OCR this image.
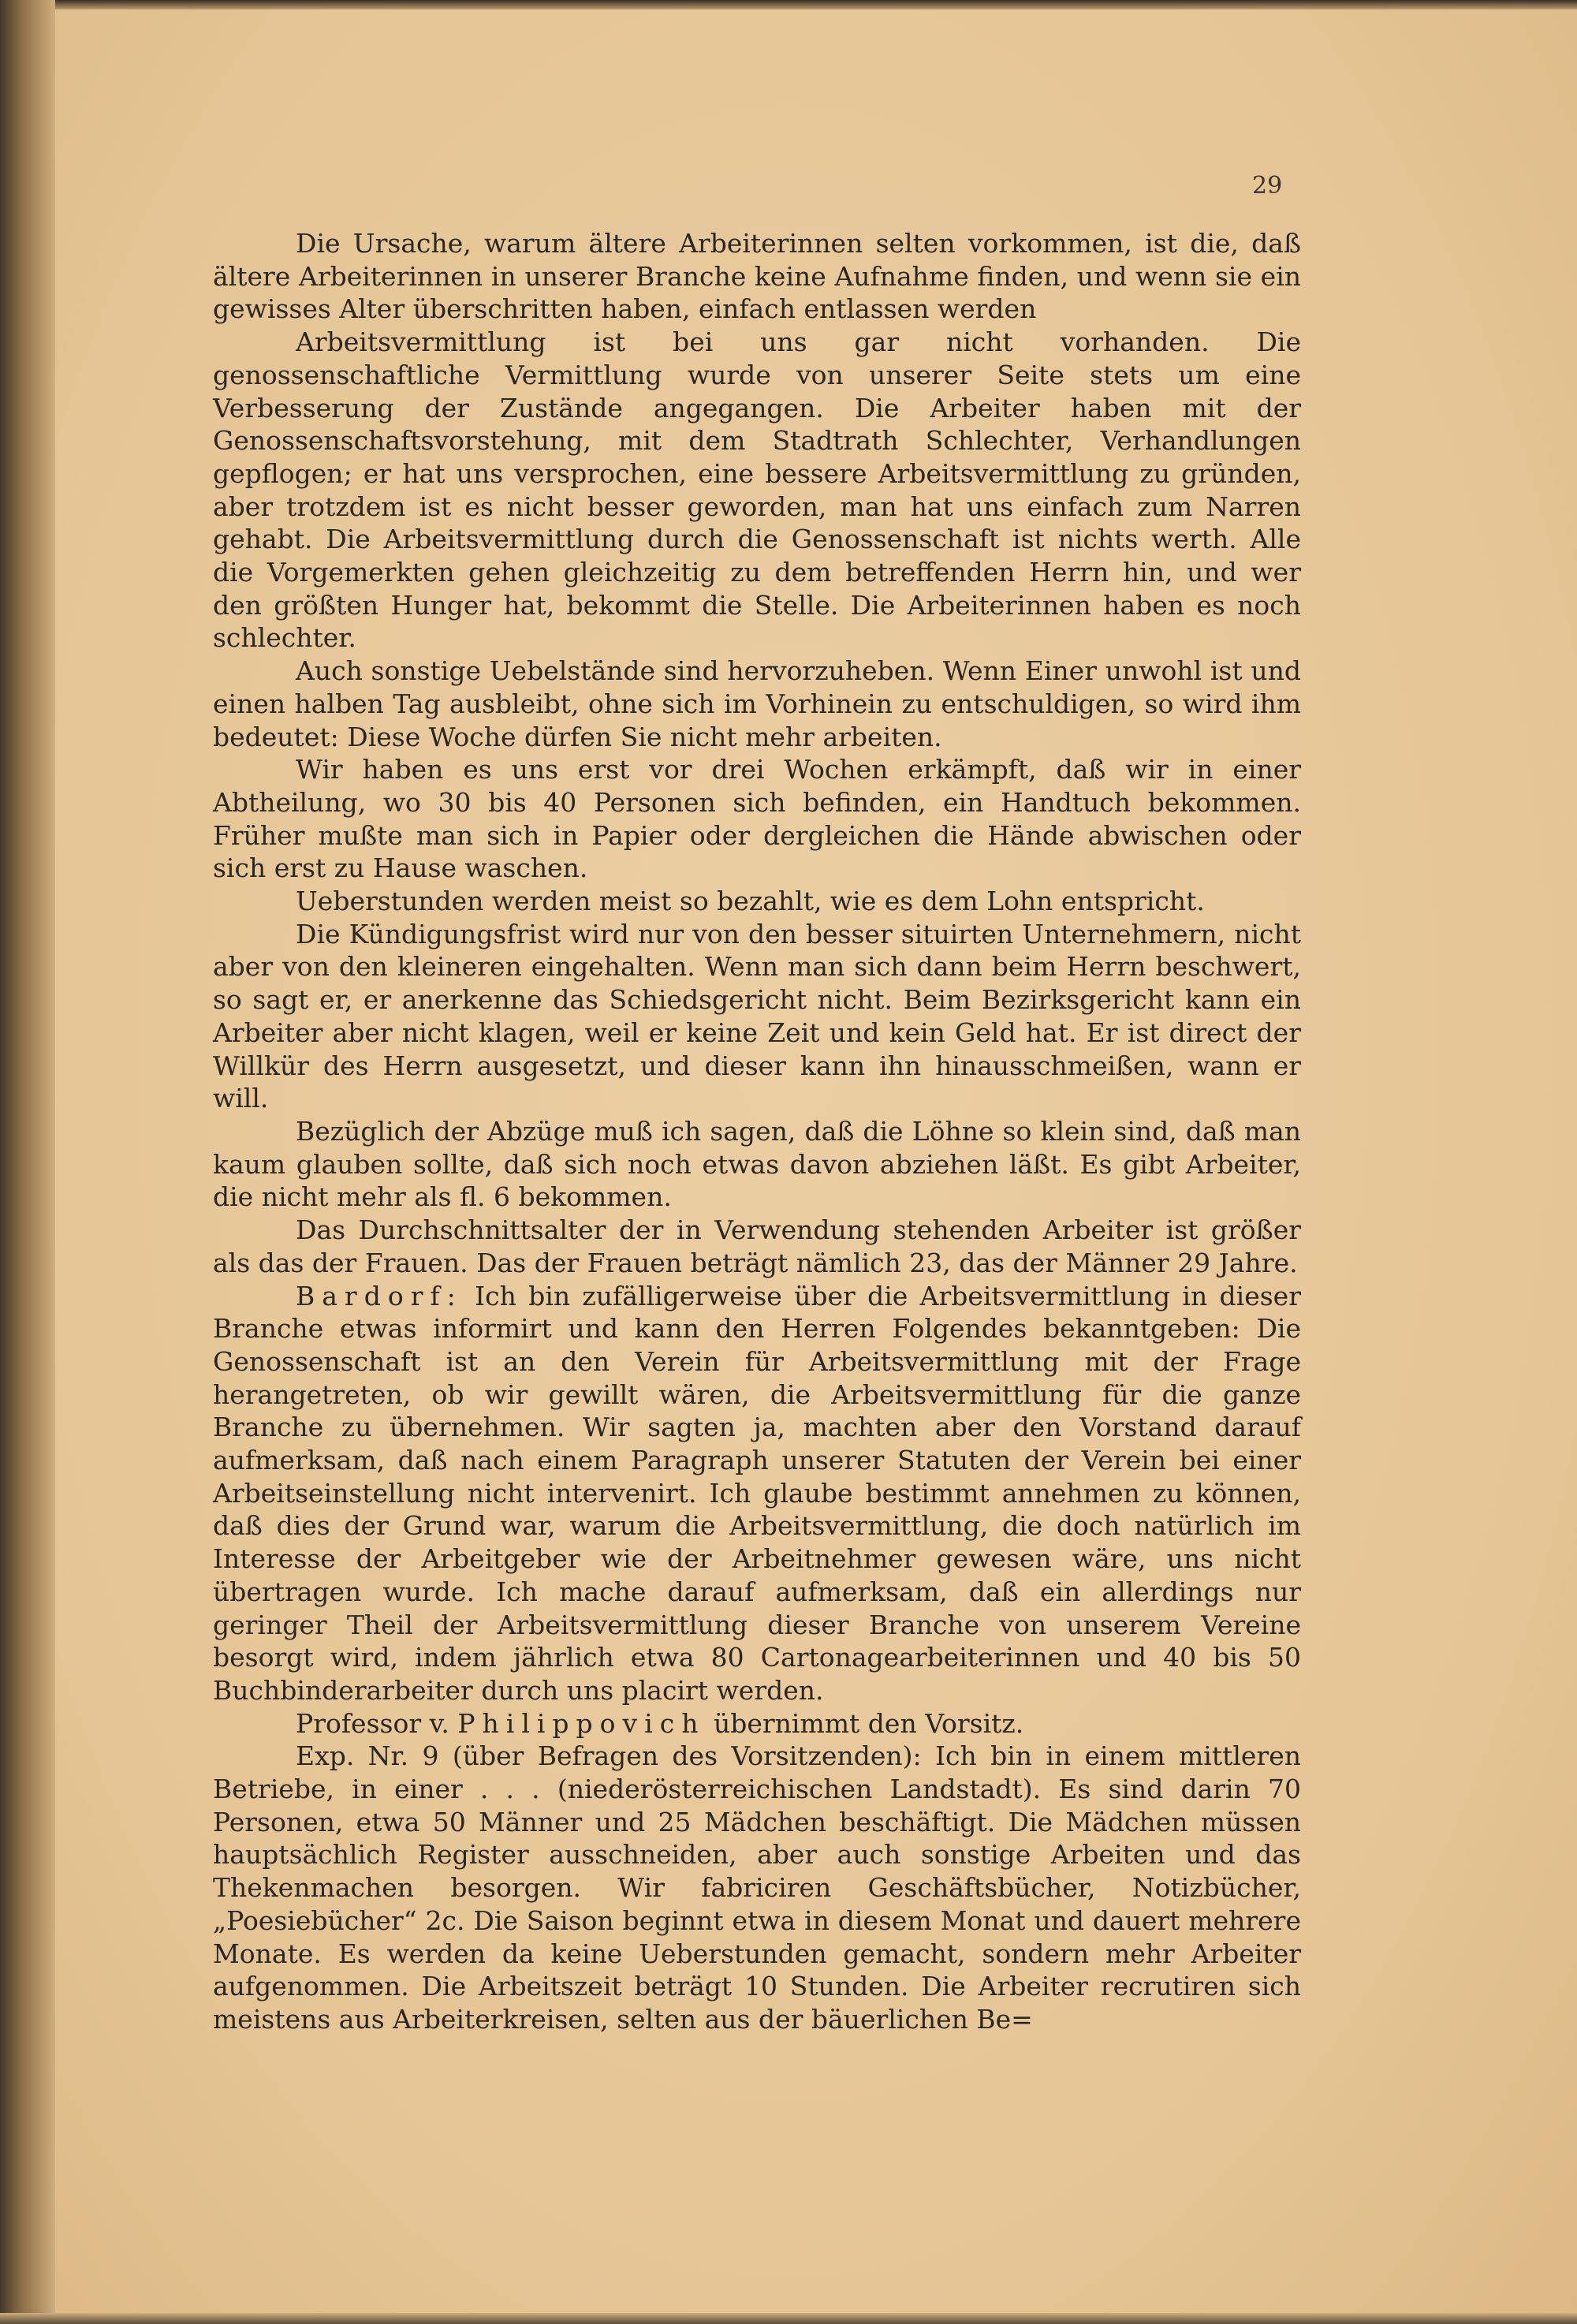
29

Die Ursache, warum ältere Arbeiterinnen selten vorkommen, ist die, daß ältere Arbeiterinnen in unserer Branche keine Aufnahme finden, und wenn sie ein gewisses Alter überschritten haben, einfach entlassen werden

Arbeitsvermittlung ist bei uns gar nicht vorhanden. Die genossenschaftliche Vermittlung wurde von unserer Seite stets um eine Verbesserung der Zustände angegangen. Die Arbeiter haben mit der Genossenschaftsvorstehung, mit dem Stadtrath Schlechter, Verhandlungen gepflogen; er hat uns versprochen, eine bessere Arbeitsvermittlung zu gründen, aber trotzdem ist es nicht besser geworden, man hat uns einfach zum Narren gehabt. Die Arbeitsvermittlung durch die Genossenschaft ist nichts werth. Alle die Vorgemerkten gehen gleichzeitig zu dem betreffenden Herrn hin, und wer den größten Hunger hat, bekommt die Stelle. Die Arbeiterinnen haben es noch schlechter.

Auch sonstige Uebelstände sind hervorzuheben. Wenn Einer unwohl ist und einen halben Tag ausbleibt, ohne sich im Vorhinein zu entschuldigen, so wird ihm bedeutet: Diese Woche dürfen Sie nicht mehr arbeiten.

Wir haben es uns erst vor drei Wochen erkämpft, daß wir in einer Abtheilung, wo 30 bis 40 Personen sich befinden, ein Handtuch bekommen. Früher mußte man sich in Papier oder dergleichen die Hände abwischen oder sich erst zu Hause waschen.

Ueberstunden werden meist so bezahlt, wie es dem Lohn entspricht.

Die Kündigungsfrist wird nur von den besser situirten Unternehmern, nicht aber von den kleineren eingehalten. Wenn man sich dann beim Herrn beschwert, so sagt er, er anerkenne das Schiedsgericht nicht. Beim Bezirksgericht kann ein Arbeiter aber nicht klagen, weil er keine Zeit und kein Geld hat. Er ist direct der Willkür des Herrn ausgesetzt, und dieser kann ihn hinausschmeißen, wann er will.

Bezüglich der Abzüge muß ich sagen, daß die Löhne so klein sind, daß man kaum glauben sollte, daß sich noch etwas davon abziehen läßt. Es gibt Arbeiter, die nicht mehr als fl. 6 bekommen.

Das Durchschnittsalter der in Verwendung stehenden Arbeiter ist größer als das der Frauen. Das der Frauen beträgt nämlich 23, das der Männer 29 Jahre.

Bardorf: Ich bin zufälligerweise über die Arbeitsvermittlung in dieser Branche etwas informirt und kann den Herren Folgendes bekanntgeben: Die Genossenschaft ist an den Verein für Arbeitsvermittlung mit der Frage herangetreten, ob wir gewillt wären, die Arbeitsvermittlung für die ganze Branche zu übernehmen. Wir sagten ja, machten aber den Vorstand darauf aufmerksam, daß nach einem Paragraph unserer Statuten der Verein bei einer Arbeitseinstellung nicht intervenirt. Ich glaube bestimmt annehmen zu können, daß dies der Grund war, warum die Arbeitsvermittlung, die doch natürlich im Interesse der Arbeitgeber wie der Arbeitnehmer gewesen wäre, uns nicht übertragen wurde. Ich mache darauf aufmerksam, daß ein allerdings nur geringer Theil der Arbeitsvermittlung dieser Branche von unserem Vereine besorgt wird, indem jährlich etwa 80 Cartonagearbeiterinnen und 40 bis 50 Buchbinderarbeiter durch uns placirt werden.

Professor v. Philippovich übernimmt den Vorsitz.

Exp. Nr. 9 (über Befragen des Vorsitzenden): Ich bin in einem mittleren Betriebe, in einer . . . (niederösterreichischen Landstadt). Es sind darin 70 Personen, etwa 50 Männer und 25 Mädchen beschäftigt. Die Mädchen müssen hauptsächlich Register ausschneiden, aber auch sonstige Arbeiten und das Thekenmachen besorgen. Wir fabriciren Geschäftsbücher, Notizbücher, „Poesiebücher“ 2c. Die Saison beginnt etwa in diesem Monat und dauert mehrere Monate. Es werden da keine Ueberstunden gemacht, sondern mehr Arbeiter aufgenommen. Die Arbeitszeit beträgt 10 Stunden. Die Arbeiter recrutiren sich meistens aus Arbeiterkreisen, selten aus der bäuerlichen Be=
